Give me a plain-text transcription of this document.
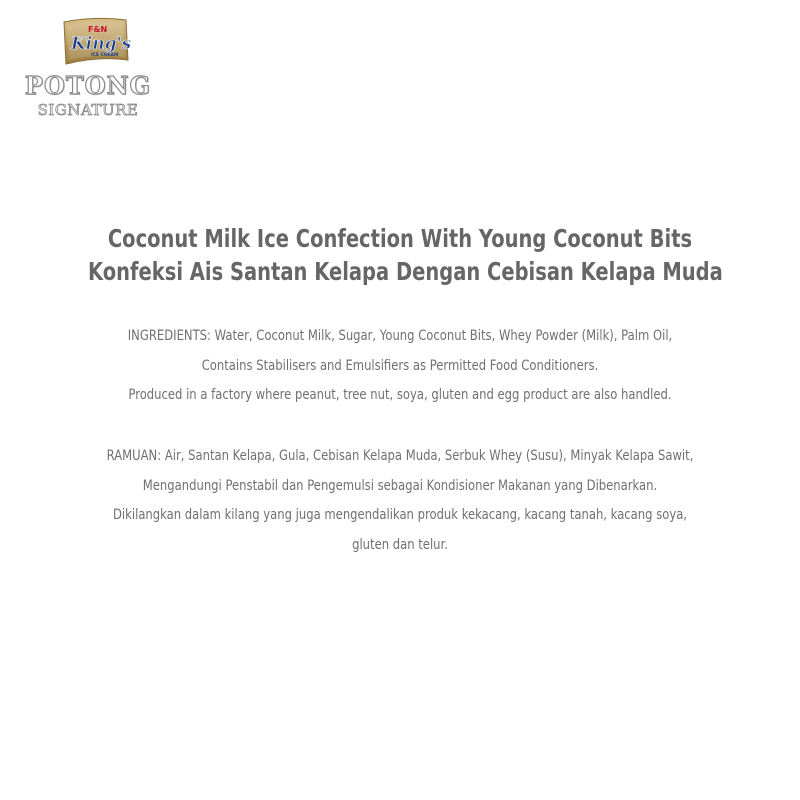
F&N
King's
ICE CREAM
POTONG
SIGNATURE
Coconut Milk Ice Confection With Young Coconut Bits
Konfeksi Ais Santan Kelapa Dengan Cebisan Kelapa Muda
INGREDIENTS: Water, Coconut Milk, Sugar, Young Coconut Bits, Whey Powder (Milk), Palm Oil,
Contains Stabilisers and Emulsifiers as Permitted Food Conditioners.
Produced in a factory where peanut, tree nut, soya, gluten and egg product are also handled.
RAMUAN: Air, Santan Kelapa, Gula, Cebisan Kelapa Muda, Serbuk Whey (Susu), Minyak Kelapa Sawit,
Mengandungi Penstabil dan Pengemulsi sebagai Kondisioner Makanan yang Dibenarkan.
Dikilangkan dalam kilang yang juga mengendalikan produk kekacang, kacang tanah, kacang soya,
gluten dan telur.
